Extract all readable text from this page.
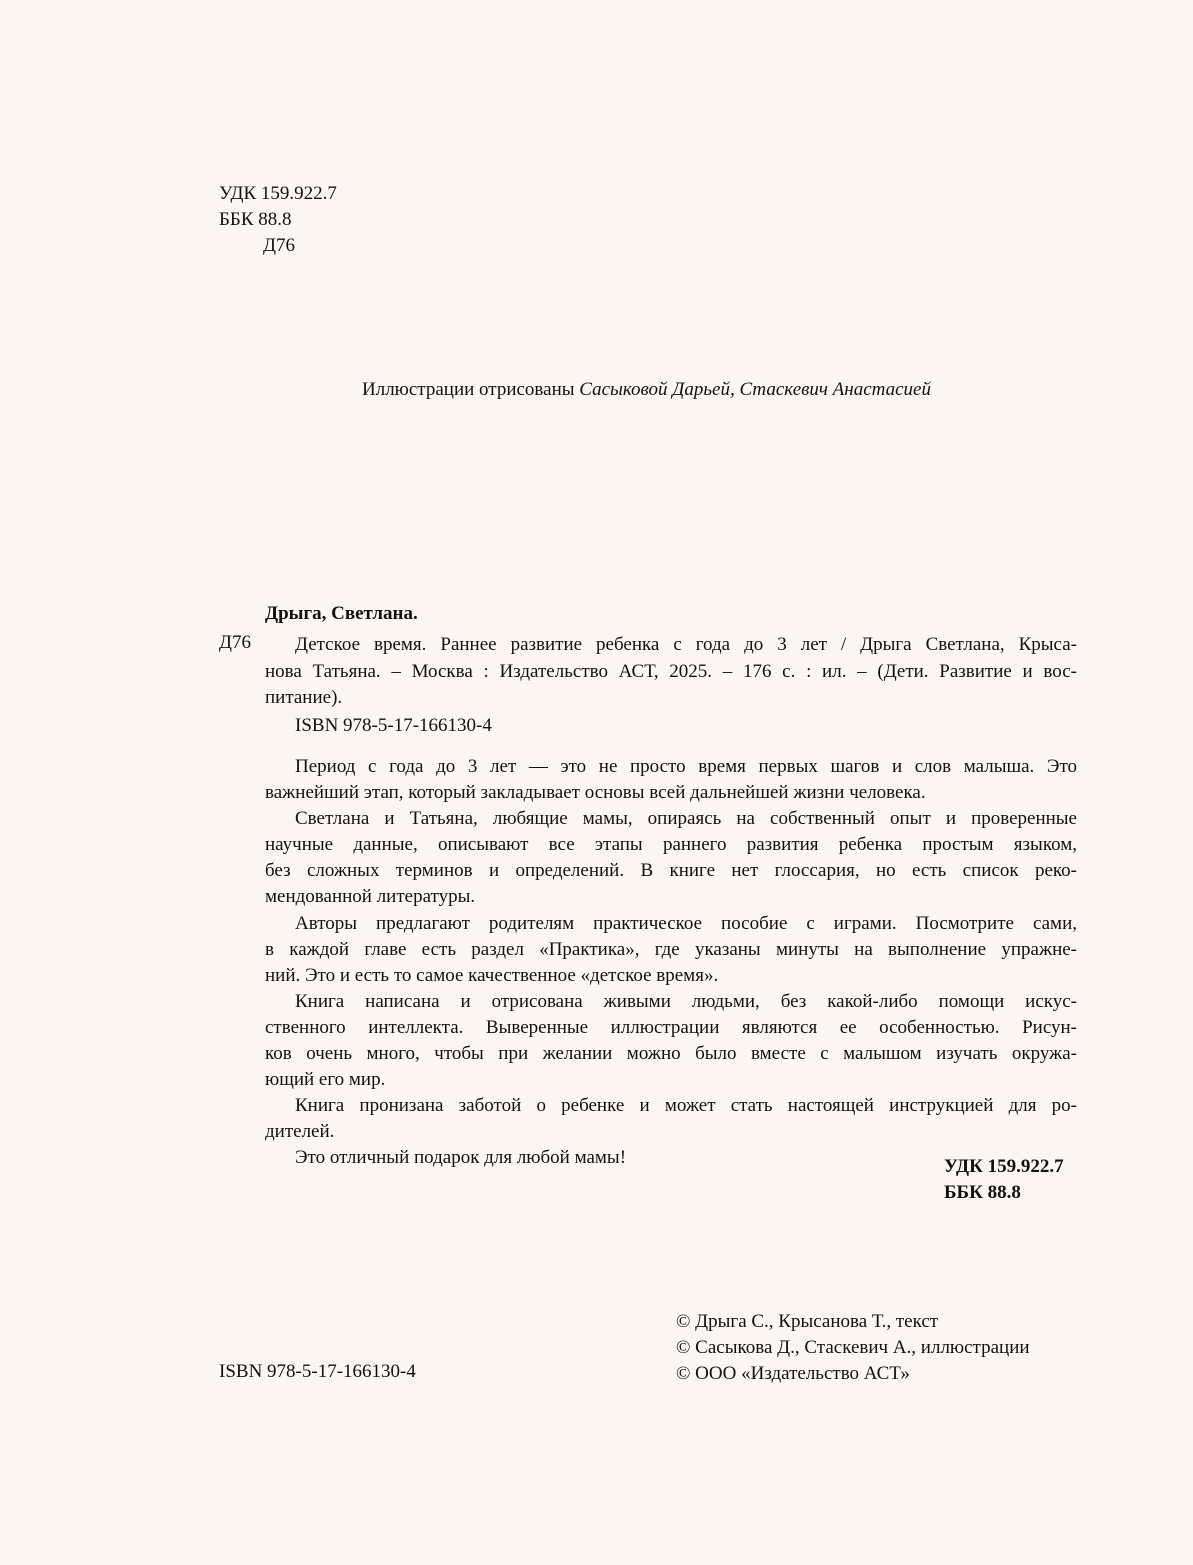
УДК 159.922.7
ББК 88.8
Д76
Иллюстрации отрисованы Сасыковой Дарьей, Стаскевич Анастасией
Дрыга, Светлана.
Д76	Детское время. Раннее развитие ребенка с года до 3 лет / Дрыга Светлана, Крыса-
нова Татьяна. – Москва : Издательство АСТ, 2025. – 176 с. : ил. – (Дети. Развитие и вос-
питание).
ISBN 978-5-17-166130-4

Период с года до 3 лет — это не просто время первых шагов и слов малыша. Это
важнейший этап, который закладывает основы всей дальнейшей жизни человека.

Светлана и Татьяна, любящие мамы, опираясь на собственный опыт и проверенные
научные данные, описывают все этапы раннего развития ребенка простым языком,
без сложных терминов и определений. В книге нет глоссария, но есть список реко-
мендованной литературы.

Авторы предлагают родителям практическое пособие с играми. Посмотрите сами,
в каждой главе есть раздел «Практика», где указаны минуты на выполнение упражне-
ний. Это и есть то самое качественное «детское время».

Книга написана и отрисована живыми людьми, без какой-либо помощи искус-
ственного интеллекта. Выверенные иллюстрации являются ее особенностью. Рисун-
ков очень много, чтобы при желании можно было вместе с малышом изучать окружа-
ющий его мир.

Книга пронизана заботой о ребенке и может стать настоящей инструкцией для ро-
дителей.

Это отличный подарок для любой мамы!	УДК 159.922.7
ББК 88.8
ISBN 978-5-17-166130-4
© Дрыга С., Крысанова Т., текст
© Сасыкова Д., Стаскевич А., иллюстрации
© ООО «Издательство АСТ»
